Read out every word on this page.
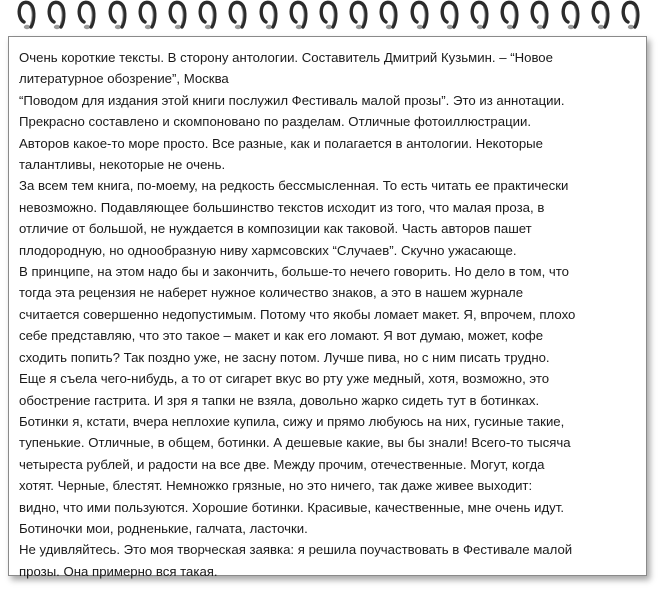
Очень короткие тексты. В сторону антологии. Составитель Дмитрий Кузьмин. – “Новое
литературное обозрение”, Москва
“Поводом для издания этой книги послужил Фестиваль малой прозы”. Это из аннотации.
Прекрасно составлено и скомпоновано по разделам. Отличные фотоиллюстрации.
Авторов какое-то море просто. Все разные, как и полагается в антологии. Некоторые
талантливы, некоторые не очень.
За всем тем книга, по-моему, на редкость бессмысленная. То есть читать ее практически
невозможно. Подавляющее большинство текстов исходит из того, что малая проза, в
отличие от большой, не нуждается в композиции как таковой. Часть авторов пашет
плодородную, но однообразную ниву хармсовских “Случаев”. Скучно ужасающе.
В принципе, на этом надо бы и закончить, больше-то нечего говорить. Но дело в том, что
тогда эта рецензия не наберет нужное количество знаков, а это в нашем журнале
считается совершенно недопустимым. Потому что якобы ломает макет. Я, впрочем, плохо
себе представляю, что это такое – макет и как его ломают. Я вот думаю, может, кофе
сходить попить? Так поздно уже, не засну потом. Лучше пива, но с ним писать трудно.
Еще я съела чего-нибудь, а то от сигарет вкус во рту уже медный, хотя, возможно, это
обострение гастрита. И зря я тапки не взяла, довольно жарко сидеть тут в ботинках.
Ботинки я, кстати, вчера неплохие купила, сижу и прямо любуюсь на них, гусиные такие,
тупенькие. Отличные, в общем, ботинки. А дешевые какие, вы бы знали! Всего-то тысяча
четыреста рублей, и радости на все две. Между прочим, отечественные. Могут, когда
хотят. Черные, блестят. Немножко грязные, но это ничего, так даже живее выходит:
видно, что ими пользуются. Хорошие ботинки. Красивые, качественные, мне очень идут.
Ботиночки мои, родненькие, галчата, ласточки.
Не удивляйтесь. Это моя творческая заявка: я решила поучаствовать в Фестивале малой
прозы. Она примерно вся такая.
